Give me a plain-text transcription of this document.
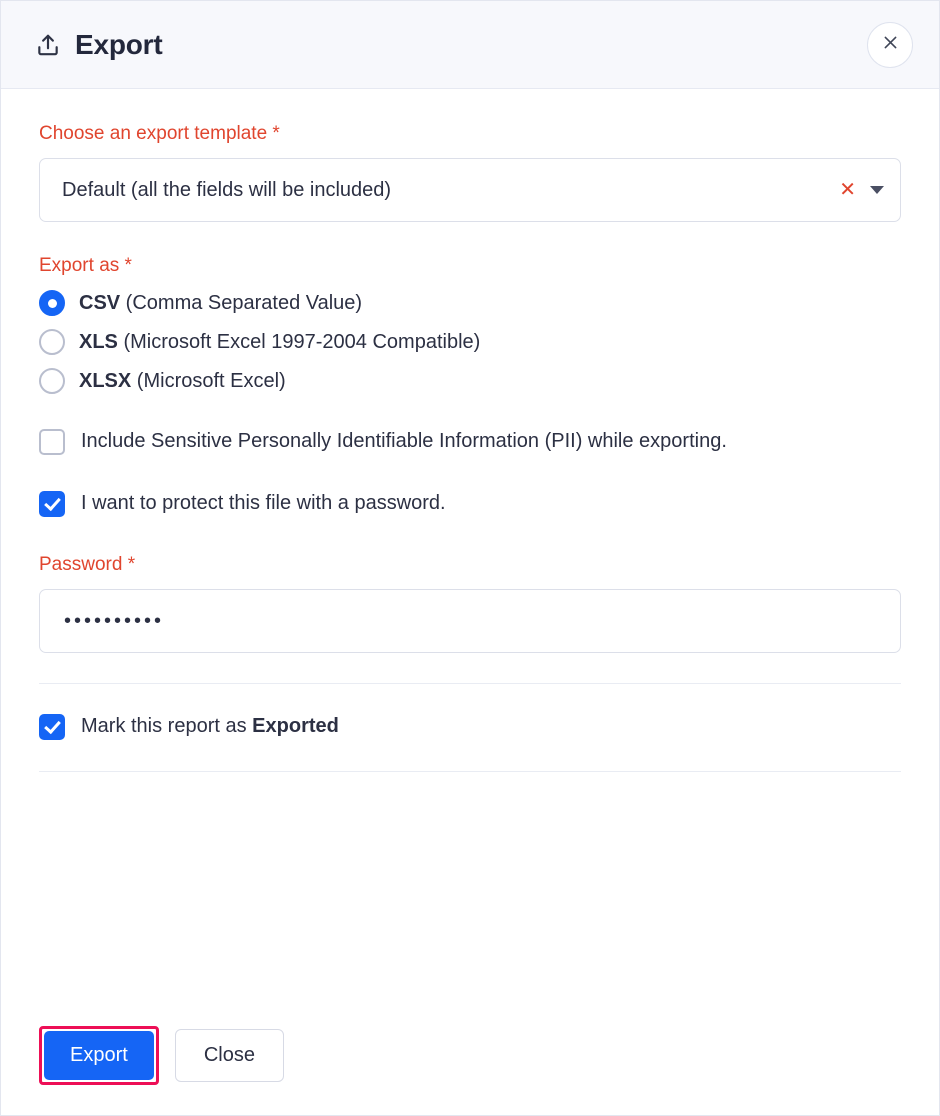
Export
Choose an export template *
Default (all the fields will be included)	✕
Export as *
CSV (Comma Separated Value)
XLS (Microsoft Excel 1997-2004 Compatible)
XLSX (Microsoft Excel)
Include Sensitive Personally Identifiable Information (PII) while exporting.
I want to protect this file with a password.
Password *
••••••••••
Mark this report as Exported
Export	Close
